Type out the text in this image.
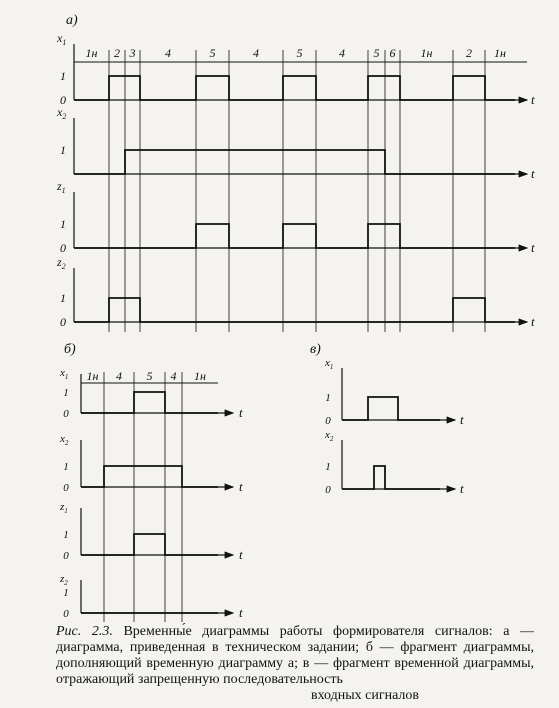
а)
1н 2 3 4	5	4	5	4 5 6 1н	2 1н
$x_1$
1
0	t
$x_2$
1
t
$z_1$
1
0	t
$z_2$
1
0	t
б)
1н 4 5 4 1н
$x_1$
1
0	t
$x_2$
1
0	t
$z_1$
1
0	t
$z_2$
1
0	t
в)
$x_1$
1
0	t
$x_2$
1
0	t
Рис. 2.3. Временны́е диаграммы работы формирователя сигналов: а — диаграмма, приведенная в техническом задании; б — фрагмент диаграммы, дополняющий временную диаграмму а; в — фрагмент временной диаграммы, отражающий запрещенную последовательность
входных сигналов
